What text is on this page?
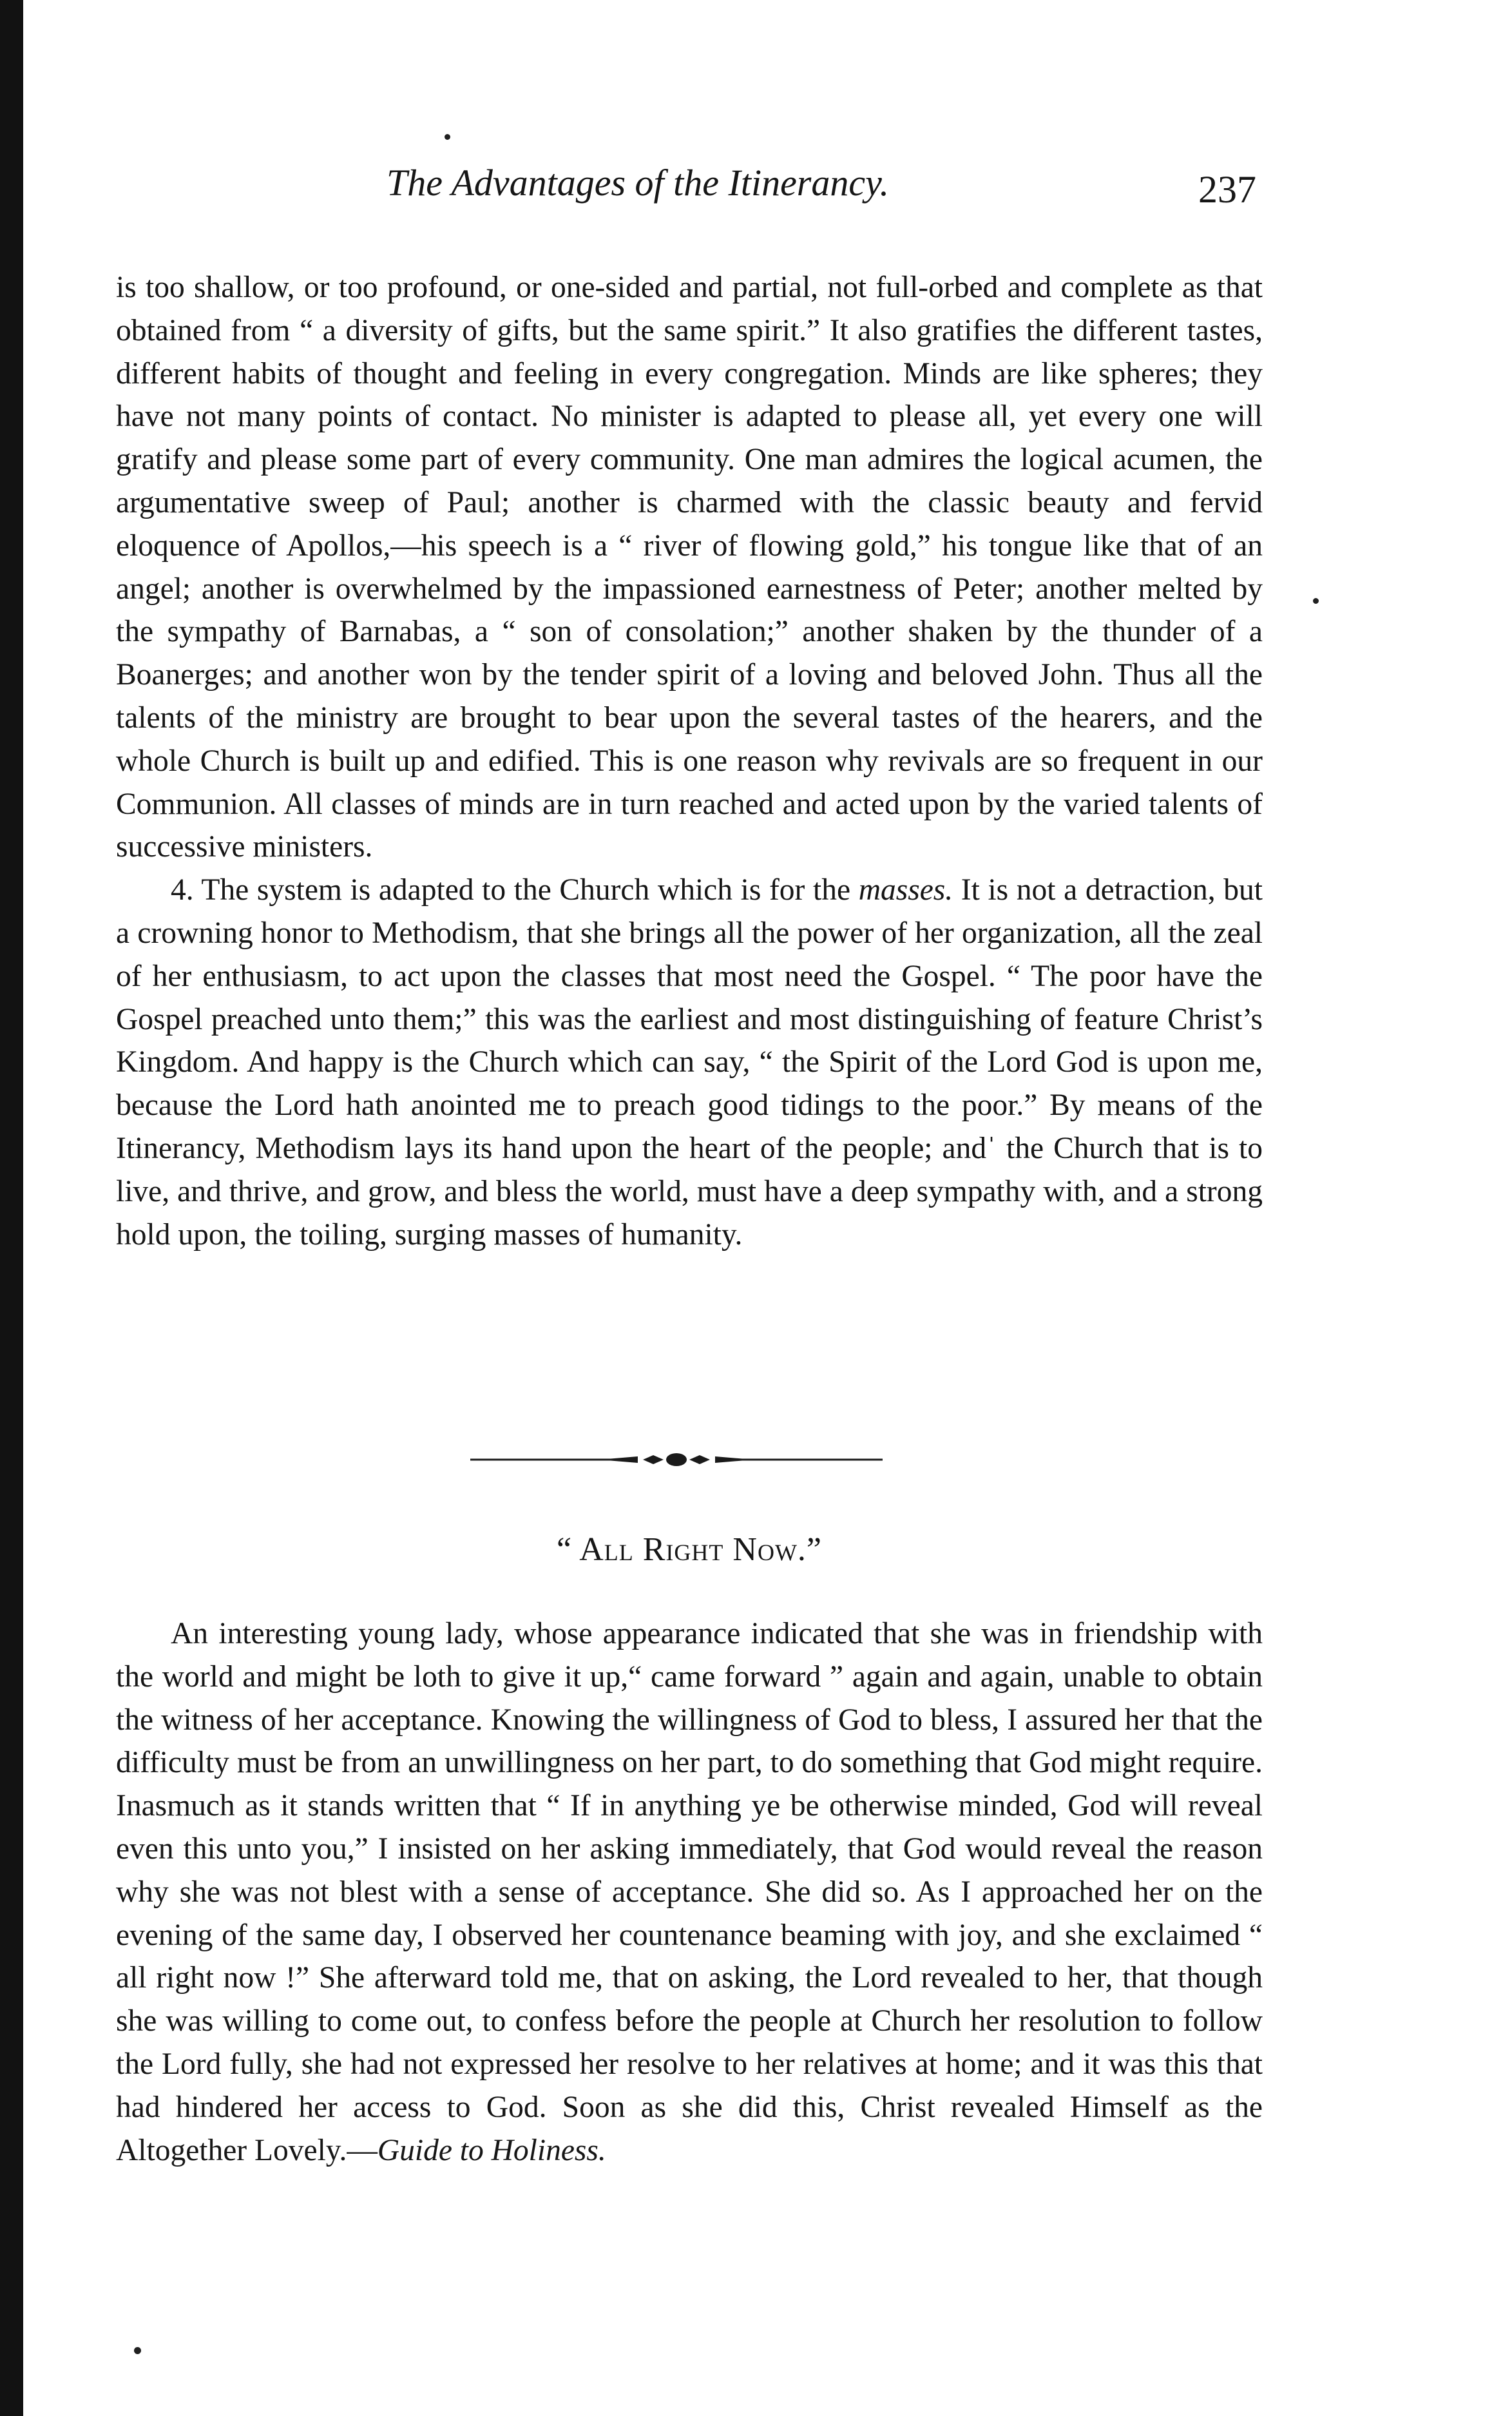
The Advantages of the Itinerancy.	237

is too shallow, or too profound, or one-sided and partial, not full-orbed and complete as that obtained from “ a diversity of gifts, but the same spirit.” It also gratifies the different tastes, different habits of thought and feeling in every congregation. Minds are like spheres; they have not many points of contact. No minister is adapted to please all, yet every one will gratify and please some part of every community. One man admires the logical acumen, the argumentative sweep of Paul; another is charmed with the classic beauty and fervid eloquence of Apollos,—his speech is a “ river of flowing gold,” his tongue like that of an angel; another is overwhelmed by the impassioned earnestness of Peter; another melted by the sympathy of Barnabas, a “ son of consolation;” another shaken by the thunder of a Boanerges; and another won by the tender spirit of a loving and beloved John. Thus all the talents of the ministry are brought to bear upon the several tastes of the hearers, and the whole Church is built up and edified. This is one reason why revivals are so frequent in our Communion. All classes of minds are in turn reached and acted upon by the varied talents of successive ministers.

4. The system is adapted to the Church which is for the masses. It is not a detraction, but a crowning honor to Methodism, that she brings all the power of her organization, all the zeal of her enthusiasm, to act upon the classes that most need the Gospel. “ The poor have the Gospel preached unto them;” this was the earliest and most distinguishing of feature Christ’s Kingdom. And happy is the Church which can say, “ the Spirit of the Lord God is upon me, because the Lord hath anointed me to preach good tidings to the poor.” By means of the Itinerancy, Methodism lays its hand upon the heart of the people; andˈ the Church that is to live, and thrive, and grow, and bless the world, must have a deep sympathy with, and a strong hold upon, the toiling, surging masses of humanity.

“ All Right Now.”

An interesting young lady, whose appearance indicated that she was in friendship with the world and might be loth to give it up,“ came forward ” again and again, unable to obtain the witness of her acceptance. Knowing the willingness of God to bless, I assured her that the difficulty must be from an unwillingness on her part, to do something that God might require. Inasmuch as it stands written that “ If in anything ye be otherwise minded, God will reveal even this unto you,” I insisted on her asking immediately, that God would reveal the reason why she was not blest with a sense of acceptance. She did so. As I approached her on the evening of the same day, I observed her countenance beaming with joy, and she exclaimed “ all right now !” She afterward told me, that on asking, the Lord revealed to her, that though she was willing to come out, to confess before the people at Church her resolution to follow the Lord fully, she had not expressed her resolve to her relatives at home; and it was this that had hindered her access to God. Soon as she did this, Christ revealed Himself as the Altogether Lovely.—Guide to Holiness.
